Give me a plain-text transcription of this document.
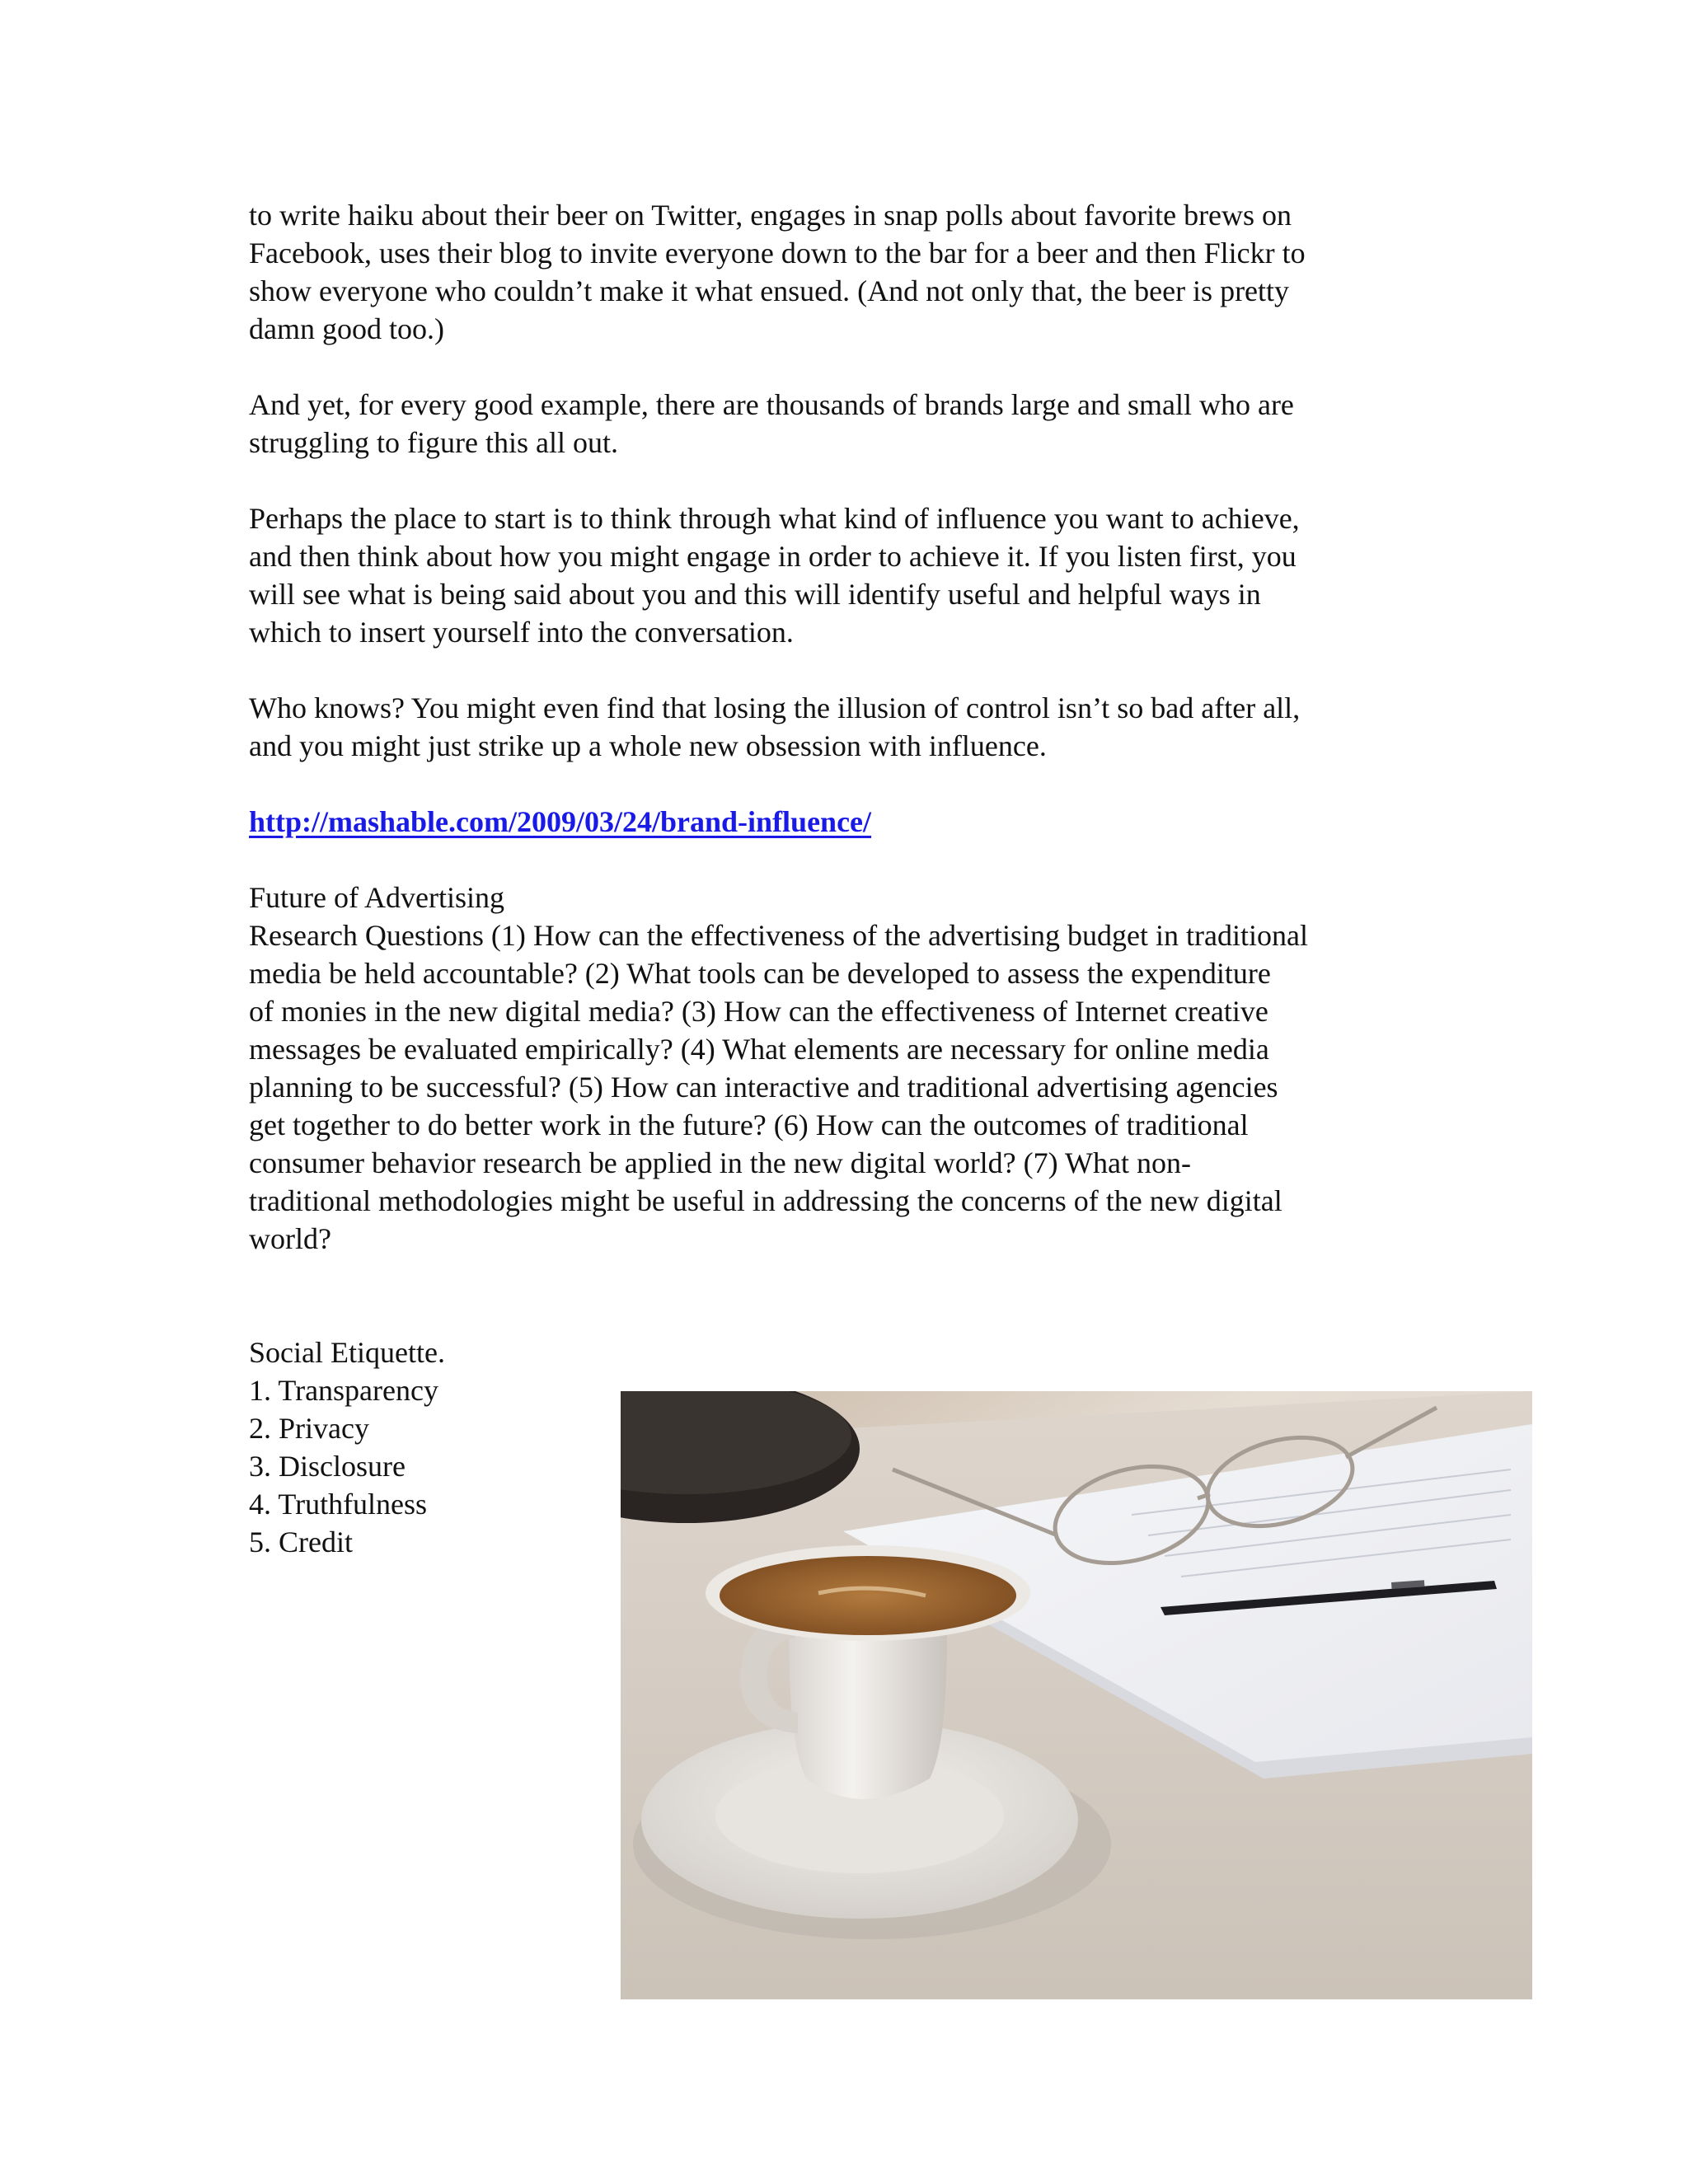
to write haiku about their beer on Twitter, engages in snap polls about favorite brews on
Facebook, uses their blog to invite everyone down to the bar for a beer and then Flickr to
show everyone who couldn’t make it what ensued. (And not only that, the beer is pretty
damn good too.)

And yet, for every good example, there are thousands of brands large and small who are
struggling to figure this all out.

Perhaps the place to start is to think through what kind of influence you want to achieve,
and then think about how you might engage in order to achieve it. If you listen first, you
will see what is being said about you and this will identify useful and helpful ways in
which to insert yourself into the conversation.

Who knows? You might even find that losing the illusion of control isn’t so bad after all,
and you might just strike up a whole new obsession with influence.

http://mashable.com/2009/03/24/brand-influence/

Future of Advertising
Research Questions (1) How can the effectiveness of the advertising budget in traditional
media be held accountable? (2) What tools can be developed to assess the expenditure
of monies in the new digital media? (3) How can the effectiveness of Internet creative
messages be evaluated empirically? (4) What elements are necessary for online media
planning to be successful? (5) How can interactive and traditional advertising agencies
get together to do better work in the future? (6) How can the outcomes of traditional
consumer behavior research be applied in the new digital world? (7) What non-
traditional methodologies might be useful in addressing the concerns of the new digital
world?
Social Etiquette.
1. Transparency
2. Privacy
3. Disclosure
4. Truthfulness
5. Credit
